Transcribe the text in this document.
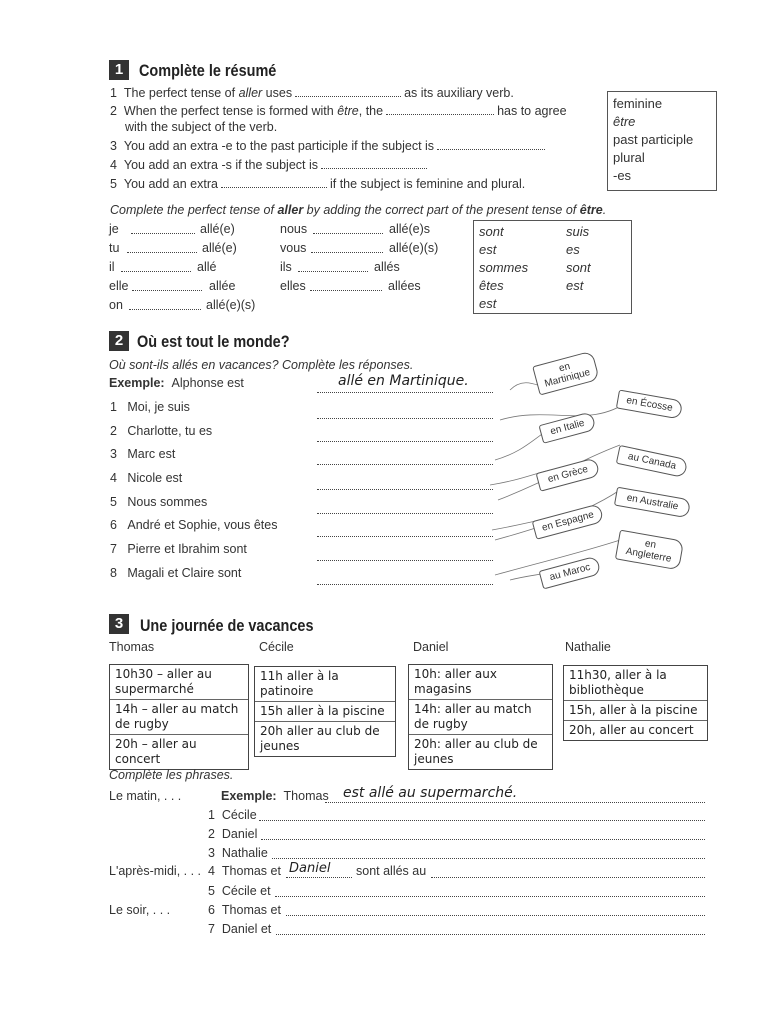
1 Complète le résumé
1 The perfect tense of aller uses	as its auxiliary verb.
2 When the perfect tense is formed with être, the	has to agree
with the subject of the verb.
3 You add an extra -e to the past participle if the subject is
4 You add an extra -s if the subject is
5 You add an extra	if the subject is feminine and plural.
feminine
être
past participle
plural
-es
Complete the perfect tense of aller by adding the correct part of the present tense of être.
je	allé(e)
tu	allé(e)
il	allé
elle	allée
on	allé(e)(s)
nous	allé(e)s
vous	allé(e)(s)
ils	allés
elles	allées
sont	suis
est	es
sommes	sont
êtes	est
est
2 Où est tout le monde?
Où sont-ils allés en vacances? Complète les réponses.
Exemple: Alphonse est	allé en Martinique.
1 Moi, je suis
2 Charlotte, tu es
3 Marc est
4 Nicole est
5 Nous sommes
6 André et Sophie, vous êtes
7 Pierre et Ibrahim sont
8 Magali et Claire sont
en Martinique
en Écosse
en Italie
au Canada
en Grèce
en Australie
en Espagne
en Angleterre
au Maroc
3 Une journée de vacances
Thomas	Cécile	Daniel	Nathalie
10h30 – aller au supermarché
14h – aller au match de rugby
20h – aller au concert
11h aller à la patinoire
15h aller à la piscine
20h aller au club de jeunes
10h: aller aux magasins
14h: aller au match de rugby
20h: aller au club de jeunes
11h30, aller à la bibliothèque
15h, aller à la piscine
20h, aller au concert
Complète les phrases.
Le matin, . . .	Exemple: Thomas est allé au supermarché.
1 Cécile
2 Daniel
3 Nathalie
L'après-midi, . . . 4 Thomas et Daniel sont allés au
5 Cécile et
Le soir, . . .	6 Thomas et
7 Daniel et
